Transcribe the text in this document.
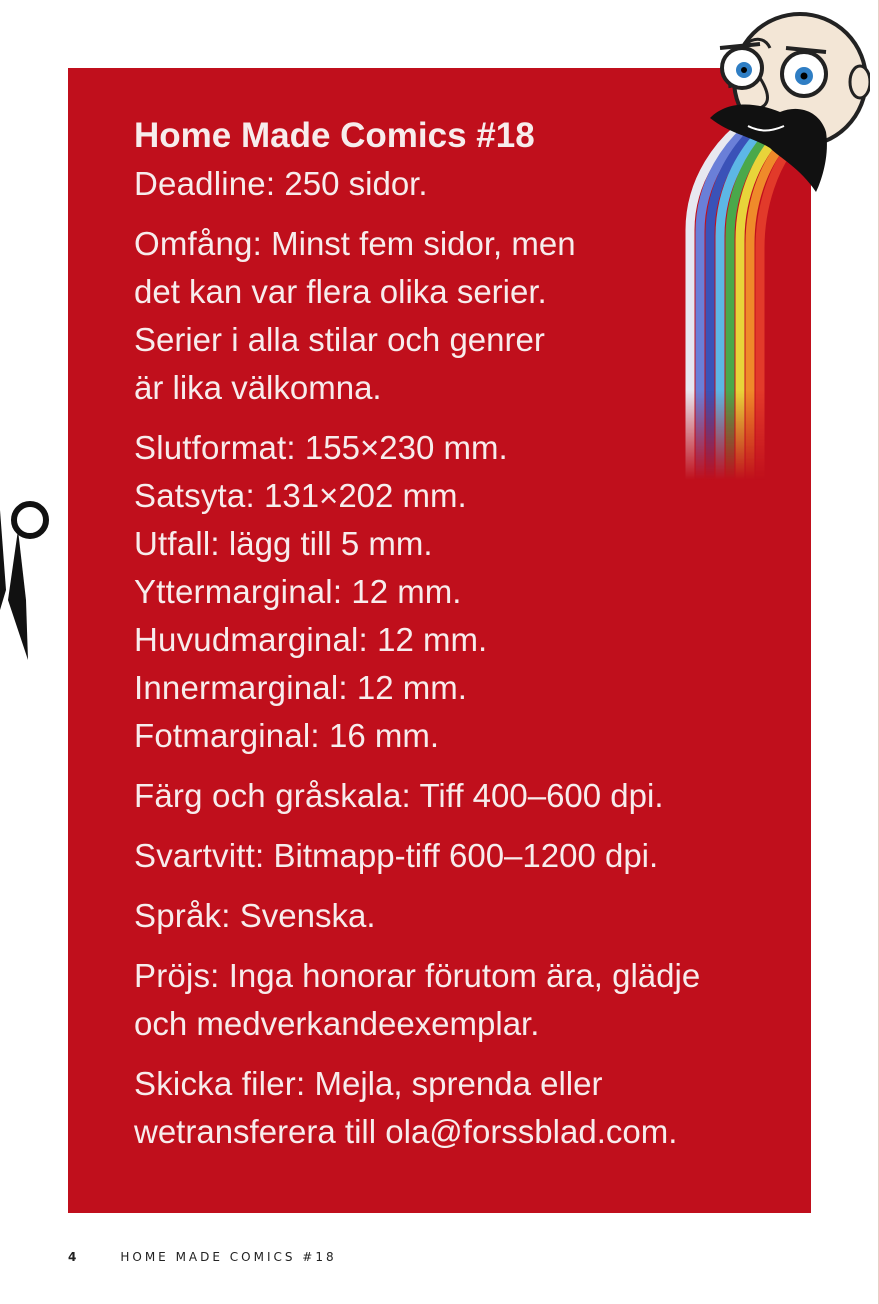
Home Made Comics #18

Deadline: 250 sidor.

Omfång: Minst fem sidor, men

det kan var flera olika serier.

Serier i alla stilar och genrer

är lika välkomna.

Slutformat: 155×230 mm.

Satsyta: 131×202 mm.

Utfall: lägg till 5 mm.

Yttermarginal: 12 mm.

Huvudmarginal: 12 mm.

Innermarginal: 12 mm.

Fotmarginal: 16 mm.

Färg och gråskala: Tiff 400–600 dpi.

Svartvitt: Bitmapp-tiff 600–1200 dpi.

Språk: Svenska.

Pröjs: Inga honorar förutom ära, glädje

och medverkandeexemplar.

Skicka filer: Mejla, sprenda eller

wetransferera till ola@forssblad.com.

4	HOME MADE COMICS #18
